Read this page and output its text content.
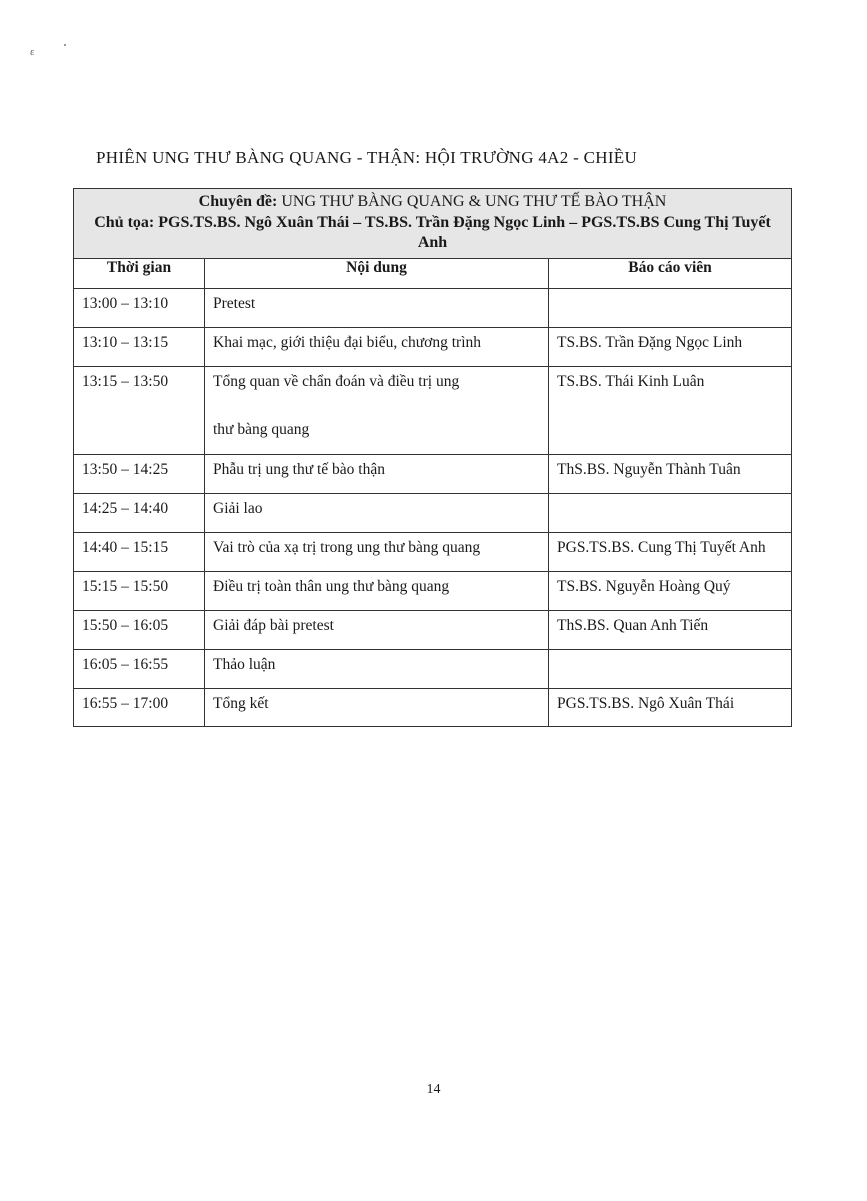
ε
PHIÊN UNG THƯ BÀNG QUANG - THẬN: HỘI TRƯỜNG 4A2 - CHIỀU
Chuyên đề: UNG THƯ BÀNG QUANG & UNG THƯ TẾ BÀO THẬN
Chủ tọa: PGS.TS.BS. Ngô Xuân Thái – TS.BS. Trần Đặng Ngọc Linh – PGS.TS.BS Cung Thị Tuyết Anh		

Thời gian	Nội dung	Báo cáo viên
13:00 – 13:10	Pretest	
13:10 – 13:15	Khai mạc, giới thiệu đại biểu, chương trình	TS.BS. Trần Đặng Ngọc Linh
13:15 – 13:50	Tổng quan về chẩn đoán và điều trị ung
thư bàng quang	TS.BS. Thái Kinh Luân
13:50 – 14:25	Phẫu trị ung thư tế bào thận	ThS.BS. Nguyễn Thành Tuân
14:25 – 14:40	Giải lao	
14:40 – 15:15	Vai trò của xạ trị trong ung thư bàng quang	PGS.TS.BS. Cung Thị Tuyết Anh
15:15 – 15:50	Điều trị toàn thân ung thư bàng quang	TS.BS. Nguyễn Hoàng Quý
15:50 – 16:05	Giải đáp bài pretest	ThS.BS. Quan Anh Tiến
16:05 – 16:55	Thảo luận	
16:55 – 17:00	Tổng kết	PGS.TS.BS. Ngô Xuân Thái
14
